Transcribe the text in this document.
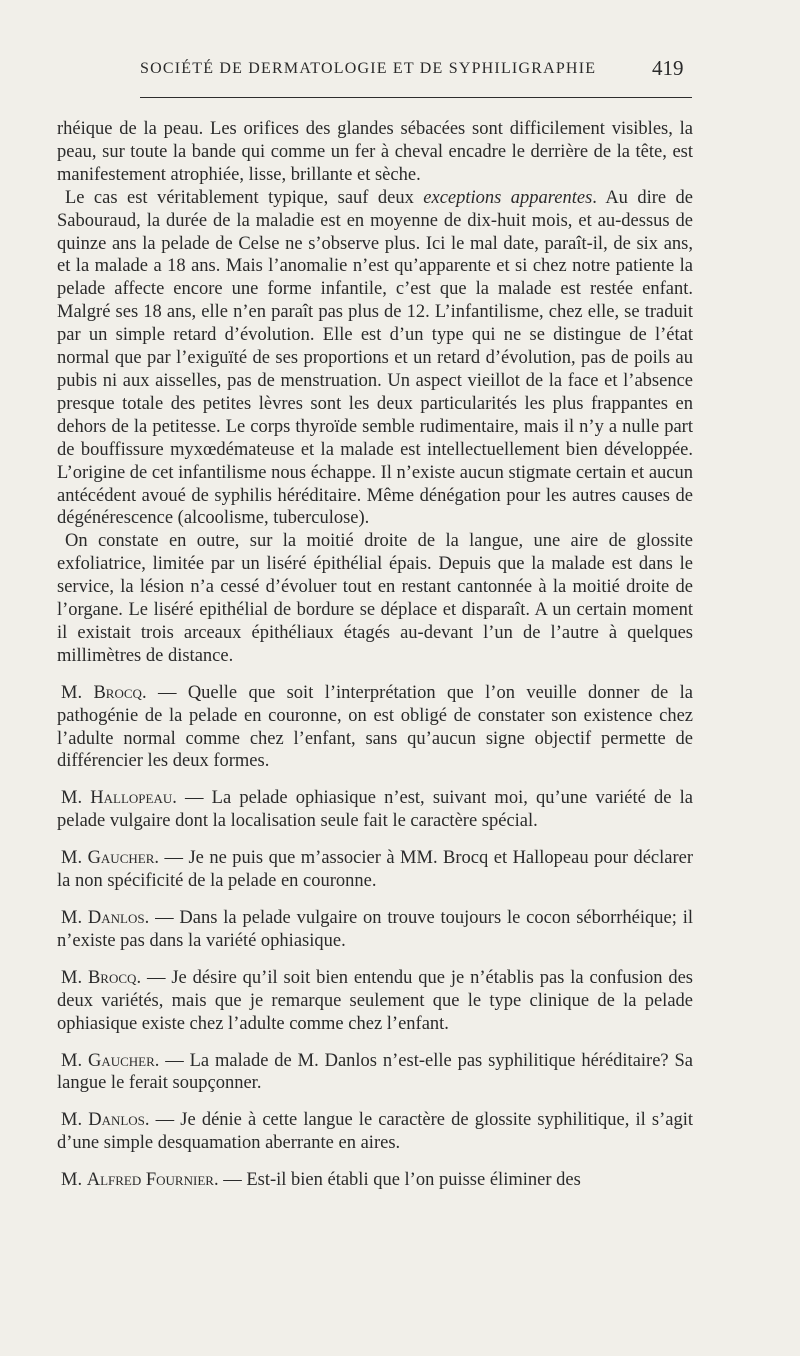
SOCIÉTÉ DE DERMATOLOGIE ET DE SYPHILIGRAPHIE	419

rhéique de la peau. Les orifices des glandes sébacées sont difficilement visibles, la peau, sur toute la bande qui comme un fer à cheval encadre le derrière de la tête, est manifestement atrophiée, lisse, brillante et sèche.

Le cas est véritablement typique, sauf deux exceptions apparentes. Au dire de Sabouraud, la durée de la maladie est en moyenne de dix-huit mois, et au-dessus de quinze ans la pelade de Celse ne s’observe plus. Ici le mal date, paraît-il, de six ans, et la malade a 18 ans. Mais l’anomalie n’est qu’apparente et si chez notre patiente la pelade affecte encore une forme infantile, c’est que la malade est restée enfant. Malgré ses 18 ans, elle n’en paraît pas plus de 12. L’infantilisme, chez elle, se traduit par un simple retard d’évolution. Elle est d’un type qui ne se distingue de l’état normal que par l’exiguïté de ses proportions et un retard d’évolution, pas de poils au pubis ni aux aisselles, pas de menstruation. Un aspect vieillot de la face et l’absence presque totale des petites lèvres sont les deux particularités les plus frappantes en dehors de la petitesse. Le corps thyroïde semble rudimentaire, mais il n’y a nulle part de bouffissure myxœdémateuse et la malade est intellectuellement bien développée. L’origine de cet infantilisme nous échappe. Il n’existe aucun stigmate certain et aucun antécédent avoué de syphilis héréditaire. Même dénégation pour les autres causes de dégénérescence (alcoolisme, tuberculose).

On constate en outre, sur la moitié droite de la langue, une aire de glossite exfoliatrice, limitée par un liséré épithélial épais. Depuis que la malade est dans le service, la lésion n’a cessé d’évoluer tout en restant cantonnée à la moitié droite de l’organe. Le liséré epithélial de bordure se déplace et disparaît. A un certain moment il existait trois arceaux épithéliaux étagés au-devant l’un de l’autre à quelques millimètres de distance.

M. Brocq. — Quelle que soit l’interprétation que l’on veuille donner de la pathogénie de la pelade en couronne, on est obligé de constater son existence chez l’adulte normal comme chez l’enfant, sans qu’aucun signe objectif permette de différencier les deux formes.

M. Hallopeau. — La pelade ophiasique n’est, suivant moi, qu’une variété de la pelade vulgaire dont la localisation seule fait le caractère spécial.

M. Gaucher. — Je ne puis que m’associer à MM. Brocq et Hallopeau pour déclarer la non spécificité de la pelade en couronne.

M. Danlos. — Dans la pelade vulgaire on trouve toujours le cocon séborrhéique; il n’existe pas dans la variété ophiasique.

M. Brocq. — Je désire qu’il soit bien entendu que je n’établis pas la confusion des deux variétés, mais que je remarque seulement que le type clinique de la pelade ophiasique existe chez l’adulte comme chez l’enfant.

M. Gaucher. — La malade de M. Danlos n’est-elle pas syphilitique héréditaire? Sa langue le ferait soupçonner.

M. Danlos. — Je dénie à cette langue le caractère de glossite syphilitique, il s’agit d’une simple desquamation aberrante en aires.

M. Alfred Fournier. — Est-il bien établi que l’on puisse éliminer des
